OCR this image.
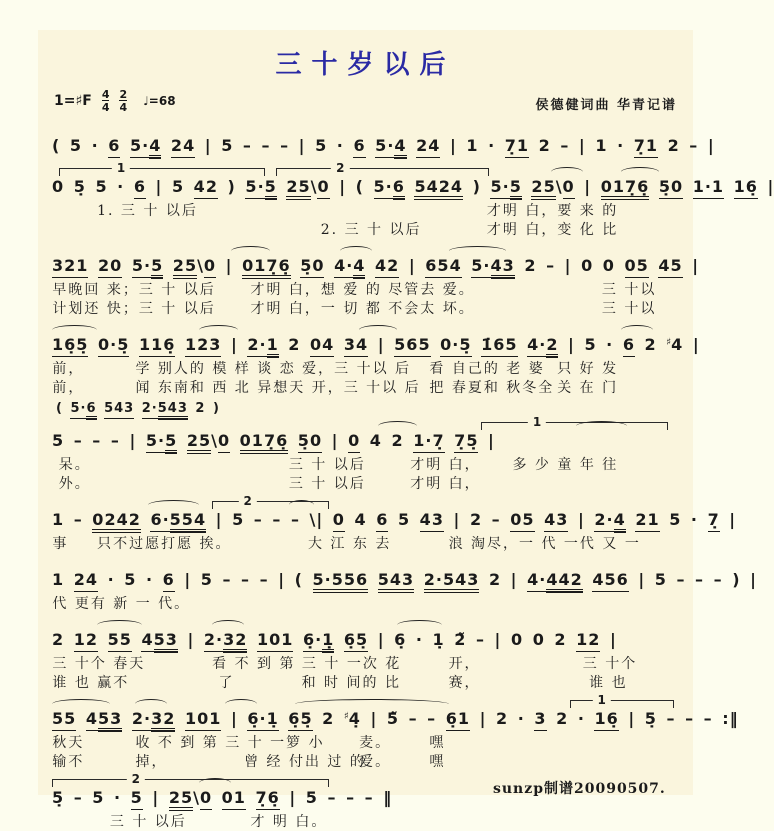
三十岁以后
1=♯F $\frac{4}{4} \frac{2}{4}$ ♩=68	侯德健词曲 华青记谱
( 5 · 6 5·4 24 | 5 – – – | 5 · 6 5·4 24 | 1 · 71 2 – | 1 · 71 2 – |
1	2
0 5 5 · 6 | 5 42 ) 5·5 25\0 | ( 5·6 5424 ) 5·5 25\0 | 0176 50 1·1 16 |
1. 三 十 以后	才明 白，要 来 的
2. 三 十 以后	才明 白，变 化 比
321 20 5·5 25\0 | 0176 50 4·4 42 | 654 5·43 2 – | 0 0 05 45 |
早晚回 来；三 十 以后 才明 白，想 爱 的 尽管去 爱。	三 十以
计划还 快；三 十 以后 才明 白，一 切 都 不会太 坏。	三 十以
165 0·5 116 123 | 2·1 2 04 34 | 565 0·5 165 4·2 | 5 · 6 2 ♯4 |
前，	学 别人的 模 样 谈 恋 爱，三 十以 后 看 自己的 老 婆 只 好 发
前，	闻 东南和 西 北 异想天 开，三 十以 后 把 春夏和 秋冬全 关 在 门
( 5·6 543 2·543 2 )
1
5 – – – | 5·5 25\0 0176 50 | 0 4 2 1·7 75 |
呆。	三 十 以后	才明 白， 多 少 童 年 往
外。	三 十 以后	才明 白，
2
1 – 0242 6·554 | 5 – – – \| 0 4 6 5 43 | 2 – 05 43 | 2·4 21 5 · 7 |
事 只不过愿打愿 挨。	大 江 东 去	浪 淘尽，一 代 一代 又 一
1 24 · 5 · 6 | 5 – – – | ( 5·556 543 2·543 2 | 4·442 456 | 5 – – – ) |
代 更有 新 一 代。
2 12 55 453 | 2·32 101 6·1 65 | 6 · 1 2 – | 0 0 2 12 |
三 十个 春天	看 不 到 第 三 十 一次 花	开，	三 十个
谁 也 赢不	了	和 时 间的 比	赛，	谁 也
1
55 453 2·32 101 | 6·1 65 2 ♯4 | 5 – – 61 | 2 · 3 2 · 16 | 5 – – – :‖
秋天	收 不 到 第 三 十 一箩 小 麦。	嘿
输不	掉，	曾 经 付出 过 的
爱。	嘿
2
5 – 5 · 5 | 25\0 01 76 | 5 – – – ‖
三 十 以后	才 明 白。
sunzp制谱20090507.
